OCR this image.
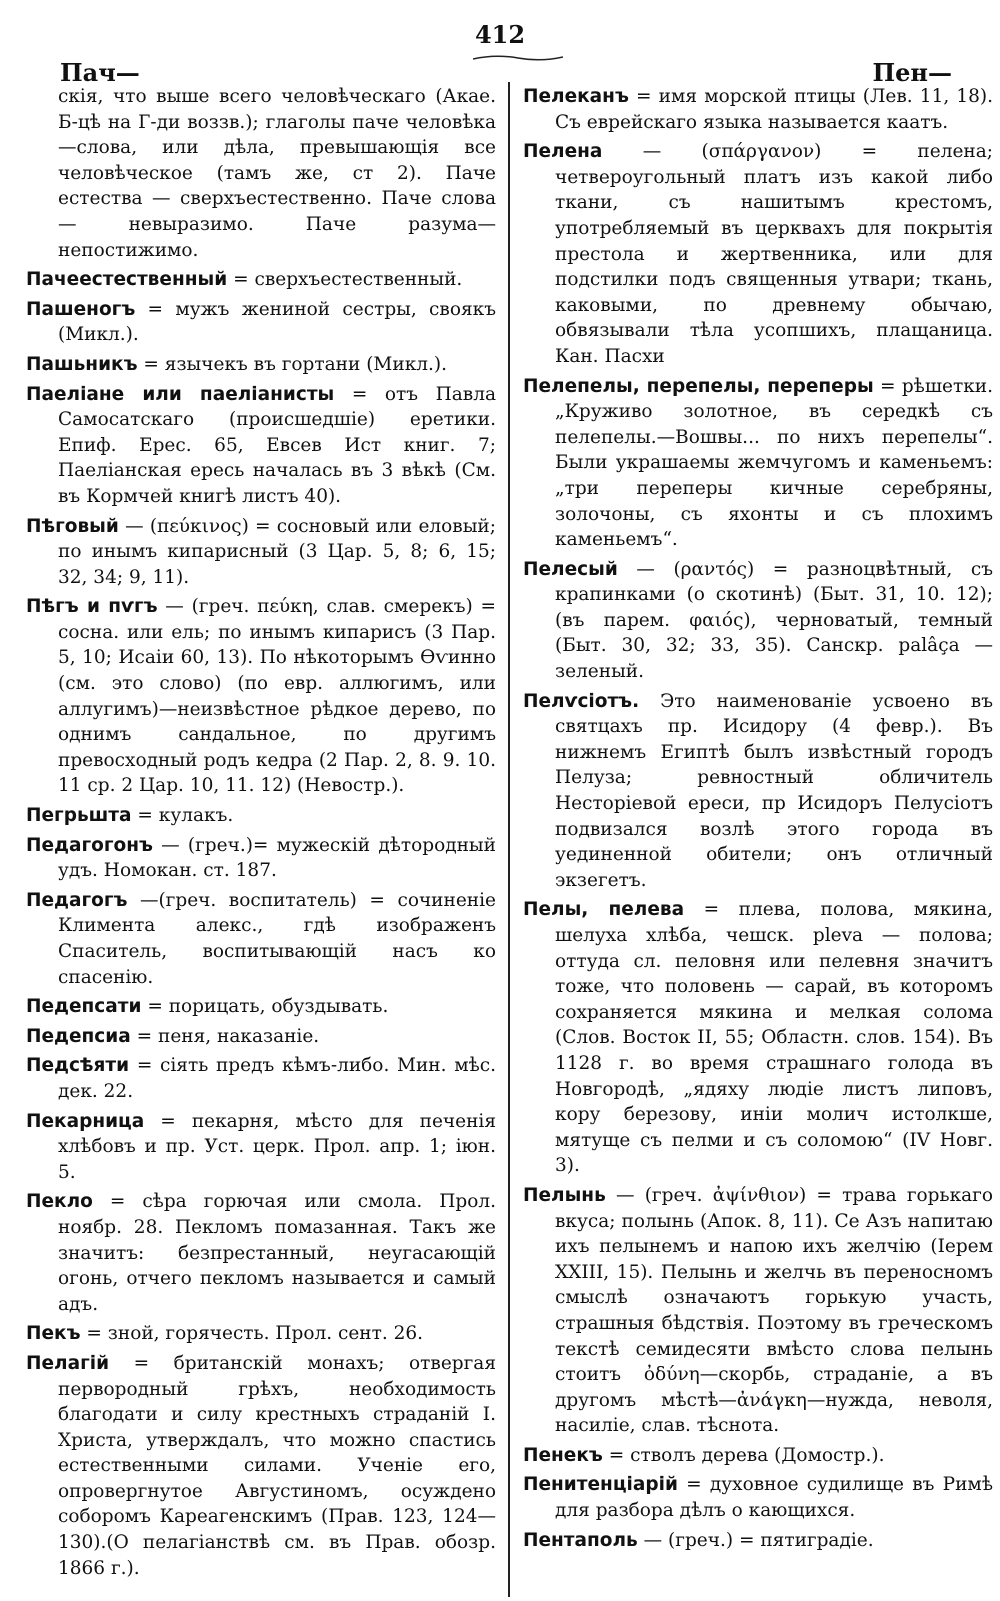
Пач—
412
Пен—

скія, что выше всего человѣческаго (Акае. Б-цѣ на Г-ди воззв.); глаголы паче человѣка—слова, или дѣла, превышающія все человѣческое (тамъ же, ст 2). Паче естества — сверхъестественно. Паче слова — невыразимо. Паче разума—непостижимо.

Пачеестественный = сверхъестественный.

Пашеногъ = мужъ жениной сестры, своякъ (Микл.).

Пашьникъ = язычекъ въ гортани (Микл.).

Паеліане или паеліанисты = отъ Павла Самосатскаго (происшедшіе) еретики. Епиф. Ерес. 65, Евсев Ист книг. 7; Паеліанская ересь началась въ 3 вѣкѣ (См. въ Кормчей книгѣ листъ 40).

Пѣговый — (πεύκινος) = сосновый или еловый; по инымъ кипарисный (3 Цар. 5, 8; 6, 15; 32, 34; 9, 11).

Пѣгъ и пѵгъ — (греч. πεύκη, слав. смерекъ) = сосна. или ель; по инымъ кипарисъ (3 Пар. 5, 10; Исаіи 60, 13). По нѣкоторымъ Ѳѵинно (см. это слово) (по евр. аллюгимъ, или аллугимъ)—неизвѣстное рѣдкое дерево, по однимъ сандальное, по другимъ превосходный родъ кедра (2 Пар. 2, 8. 9. 10. 11 ср. 2 Цар. 10, 11. 12) (Невостр.).

Пегрьшта = кулакъ.

Педагогонъ — (греч.)= мужескій дѣтородный удъ. Номокан. ст. 187.

Педагогъ —(греч. воспитатель) = сочиненіе Климента алекс., гдѣ изображенъ Спаситель, воспитывающій насъ ко спасенію.

Педепсати = порицать, обуздывать.

Педепсиа = пеня, наказаніе.

Педсѣяти = сіять предъ кѣмъ-либо. Мин. мѣс. дек. 22.

Пекарница = пекарня, мѣсто для печенія хлѣбовъ и пр. Уст. церк. Прол. апр. 1; іюн. 5.

Пекло = сѣра горючая или смола. Прол. ноябр. 28. Пекломъ помазанная. Такъ же значитъ: безпрестанный, неугасающій огонь, отчего пекломъ называется и самый адъ.

Пекъ = зной, горячесть. Прол. сент. 26.

Пелагій = британскій монахъ; отвергая первородный грѣхъ, необходимость благодати и силу крестныхъ страданій І. Христа, утверждалъ, что можно спастись естественными силами. Ученіе его, опровергнутое Августиномъ, осуждено соборомъ Кареагенскимъ (Прав. 123, 124—130).(О пелагіанствѣ см. въ Прав. обозр. 1866 г.).

Пелеканъ = имя морской птицы (Лев. 11, 18). Съ еврейскаго языка называется каатъ.

Пелена — (σπάργανον) = пелена; четвероугольный платъ изъ какой либо ткани, съ нашитымъ крестомъ, употребляемый въ церквахъ для покрытія престола и жертвенника, или для подстилки подъ священныя утвари; ткань, каковыми, по древнему обычаю, обвязывали тѣла усопшихъ, плащаница. Кан. Пасхи

Пелепелы, перепелы, переперы = рѣшетки. „Круживо золотное, въ середкѣ съ пелепелы.—Вошвы... по нихъ перепелы“. Были украшаемы жемчугомъ и каменьемъ: „три переперы кичные серебряны, золочоны, съ яхонты и съ плохимъ каменьемъ“.

Пелесый — (ραντός) = разноцвѣтный, съ крапинками (о скотинѣ) (Быт. 31, 10. 12); (въ парем. φαιός), черноватый, темный (Быт. 30, 32; 33, 35). Санскр. palâça — зеленый.

Пелѵсіотъ. Это наименованіе усвоено въ святцахъ пр. Исидору (4 февр.). Въ нижнемъ Египтѣ былъ извѣстный городъ Пелуза; ревностный обличитель Несторіевой ереси, пр Исидоръ Пелусіотъ подвизался возлѣ этого города въ уединенной обители; онъ отличный экзегетъ.

Пелы, пелева = плева, полова, мякина, шелуха хлѣба, чешск. pleva — полова; оттуда сл. пеловня или пелевня значитъ тоже, что половень — сарай, въ которомъ сохраняется мякина и мелкая солома (Слов. Восток II, 55; Областн. слов. 154). Въ 1128 г. во время страшнаго голода въ Новгородѣ, „ядяху людіе листъ липовъ, кору березову, иніи молич истолкше, мятуще съ пелми и съ соломою“ (IV Новг. 3).

Пелынь — (греч. ἀψίνθιον) = трава горькаго вкуса; полынь (Апок. 8, 11). Се Азъ напитаю ихъ пелынемъ и напою ихъ желчію (Іерем XXIII, 15). Пелынь и желчь въ переносномъ смыслѣ означаютъ горькую участь, страшныя бѣдствія. Поэтому въ греческомъ текстѣ семидесяти вмѣсто слова пелынь стоитъ ὀδύνη—скорбь, страданіе, а въ другомъ мѣстѣ—ἀνάγκη—нужда, неволя, насиліе, слав. тѣснота.

Пенекъ = стволъ дерева (Домостр.).

Пенитенціарій = духовное судилище въ Римѣ для разбора дѣлъ о кающихся.

Пентаполь — (греч.) = пятиградіе.
